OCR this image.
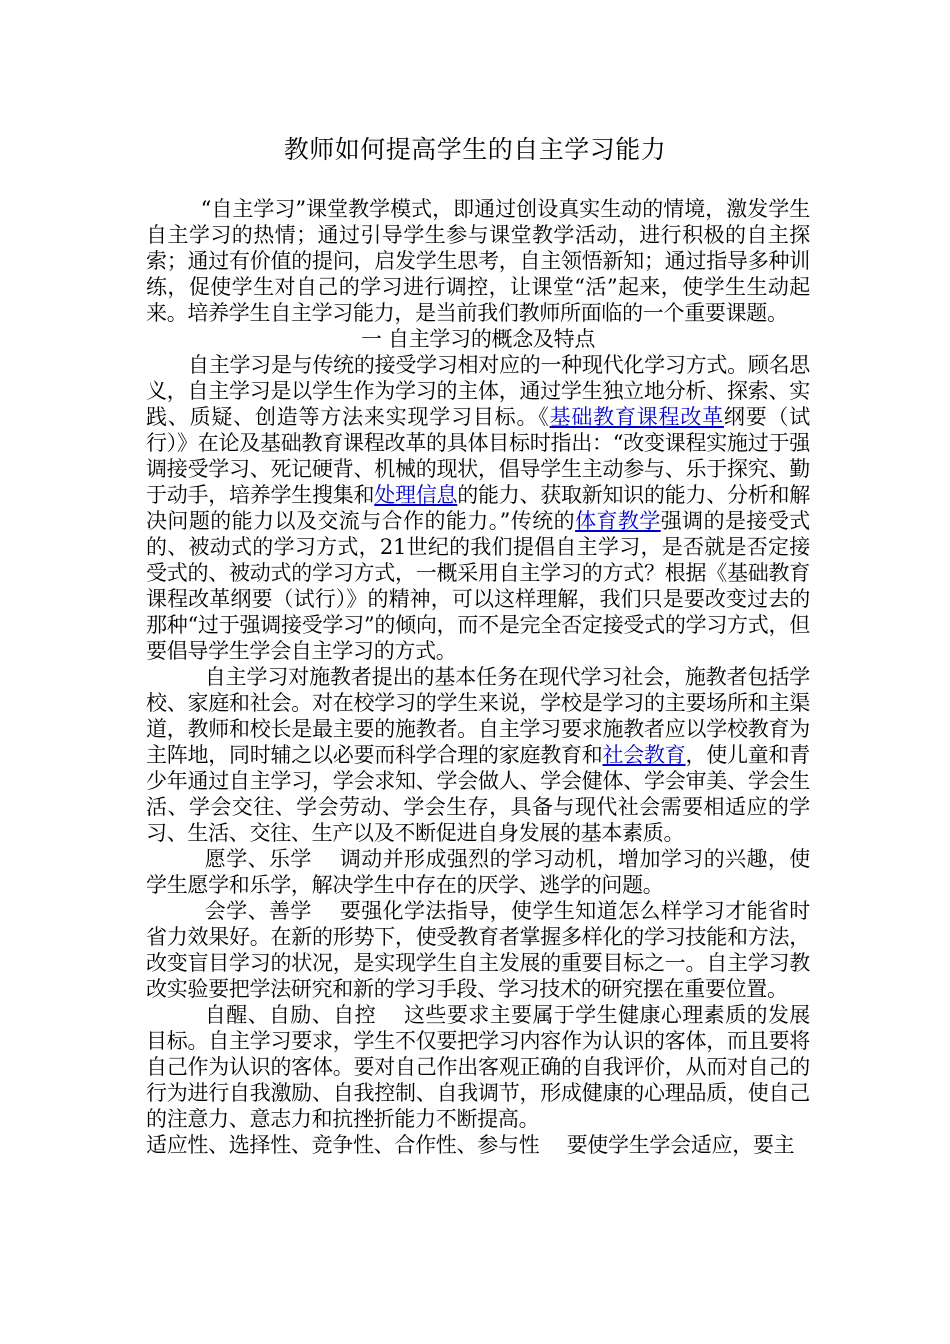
教师如何提高学生的自主学习能力

“自主学习”课堂教学模式，即通过创设真实生动的情境，激发学生自主学习的热情；通过引导学生参与课堂教学活动，进行积极的自主探索；通过有价值的提问，启发学生思考，自主领悟新知；通过指导多种训练，促使学生对自己的学习进行调控，让课堂“活”起来，使学生生动起来。培养学生自主学习能力，是当前我们教师所面临的一个重要课题。

一 自主学习的概念及特点

自主学习是与传统的接受学习相对应的一种现代化学习方式。顾名思义，自主学习是以学生作为学习的主体，通过学生独立地分析、探索、实践、质疑、创造等方法来实现学习目标。《基础教育课程改革纲要（试行）》在论及基础教育课程改革的具体目标时指出：“改变课程实施过于强调接受学习、死记硬背、机械的现状，倡导学生主动参与、乐于探究、勤于动手，培养学生搜集和处理信息的能力、获取新知识的能力、分析和解决问题的能力以及交流与合作的能力。”传统的体育教学强调的是接受式的、被动式的学习方式，21世纪的我们提倡自主学习，是否就是否定接受式的、被动式的学习方式，一概采用自主学习的方式？根据《基础教育课程改革纲要（试行）》的精神，可以这样理解，我们只是要改变过去的那种“过于强调接受学习”的倾向，而不是完全否定接受式的学习方式，但要倡导学生学会自主学习的方式。

自主学习对施教者提出的基本任务在现代学习社会，施教者包括学校、家庭和社会。对在校学习的学生来说，学校是学习的主要场所和主渠道，教师和校长是最主要的施教者。自主学习要求施教者应以学校教育为主阵地，同时辅之以必要而科学合理的家庭教育和社会教育，使儿童和青少年通过自主学习，学会求知、学会做人、学会健体、学会审美、学会生活、学会交往、学会劳动、学会生存，具备与现代社会需要相适应的学习、生活、交往、生产以及不断促进自身发展的基本素质。

愿学、乐学 调动并形成强烈的学习动机，增加学习的兴趣，使学生愿学和乐学，解决学生中存在的厌学、逃学的问题。

会学、善学 要强化学法指导，使学生知道怎么样学习才能省时省力效果好。在新的形势下，使受教育者掌握多样化的学习技能和方法，改变盲目学习的状况，是实现学生自主发展的重要目标之一。自主学习教改实验要把学法研究和新的学习手段、学习技术的研究摆在重要位置。

自醒、自励、自控 这些要求主要属于学生健康心理素质的发展目标。自主学习要求，学生不仅要把学习内容作为认识的客体，而且要将自己作为认识的客体。要对自己作出客观正确的自我评价，从而对自己的行为进行自我激励、自我控制、自我调节，形成健康的心理品质，使自己的注意力、意志力和抗挫折能力不断提高。

适应性、选择性、竞争性、合作性、参与性 要使学生学会适应，要主
